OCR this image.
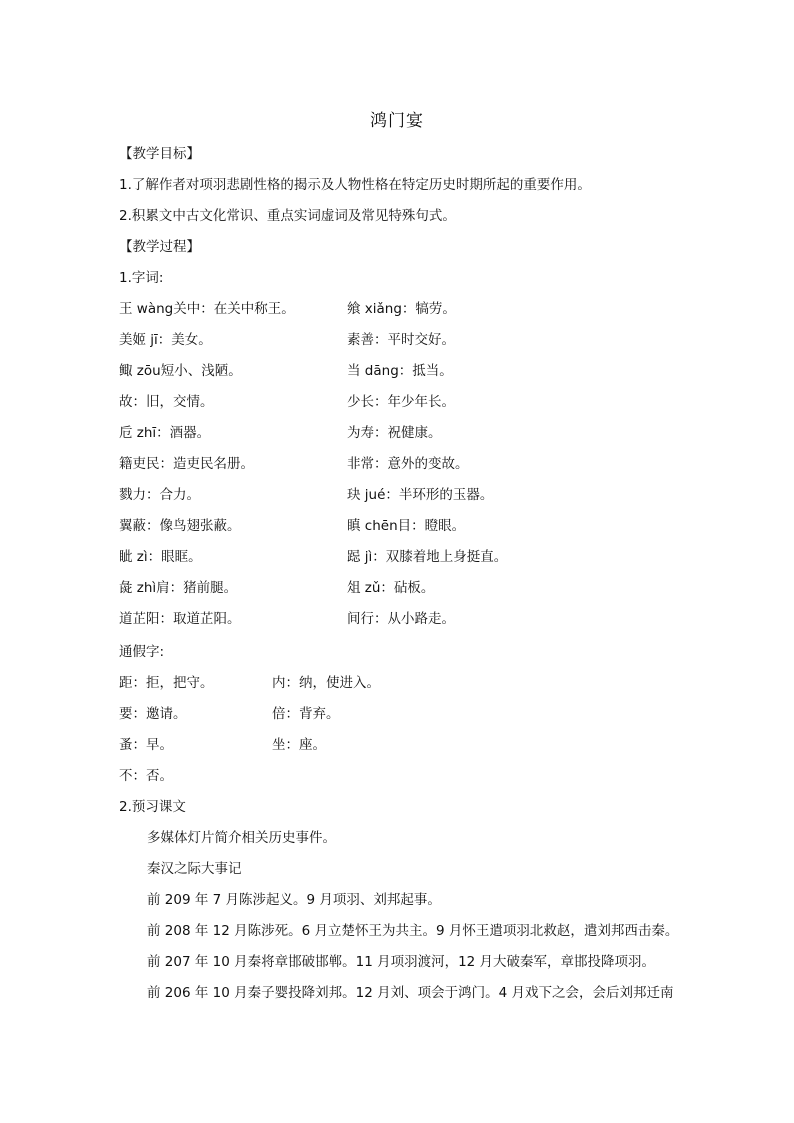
鸿门宴
【教学目标】
1.了解作者对项羽悲剧性格的揭示及人物性格在特定历史时期所起的重要作用。
2.积累文中古文化常识、重点实词虚词及常见特殊句式。
【教学过程】
1.字词:
王 wàng关中：在关中称王。	飨 xiǎng：犒劳。
美姬 jī：美女。	素善：平时交好。
鲰 zōu短小、浅陋。	当 dāng：抵当。
故：旧，交情。	少长：年少年长。
卮 zhī：酒器。	为寿：祝健康。
籍吏民：造吏民名册。	非常：意外的变故。
戮力：合力。	玦 jué：半环形的玉器。
翼蔽：像鸟翅张蔽。	瞋 chēn目：瞪眼。
眦 zì：眼眶。	跽 jì：双膝着地上身挺直。
彘 zhì肩：猪前腿。	俎 zǔ：砧板。
道芷阳：取道芷阳。	间行：从小路走。
通假字:
距：拒，把守。	内：纳，使进入。
要：邀请。	倍：背弃。
蚤：早。	坐：座。
不：否。
2.预习课文
多媒体灯片简介相关历史事件。
秦汉之际大事记
前 209 年 7 月陈涉起义。9 月项羽、刘邦起事。
前 208 年 12 月陈涉死。6 月立楚怀王为共主。9 月怀王遣项羽北救赵，遣刘邦西击秦。
前 207 年 10 月秦将章邯破邯郸。11 月项羽渡河，12 月大破秦军，章邯投降项羽。
前 206 年 10 月秦子婴投降刘邦。12 月刘、项会于鸿门。4 月戏下之会，会后刘邦迁南
